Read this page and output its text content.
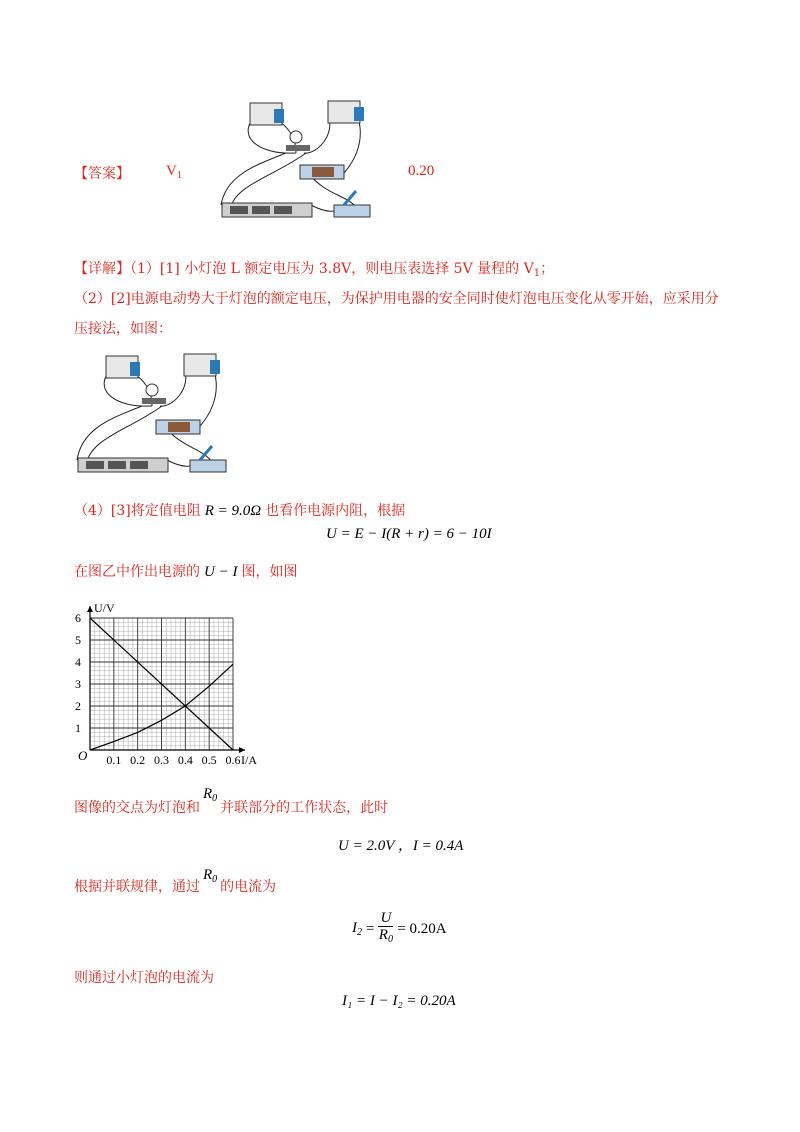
【答案】 $V_1$	0.20
【详解】（1）[1] 小灯泡 L 额定电压为 3.8V，则电压表选择 5V 量程的 $V_1$；
（2）[2]电源电动势大于灯泡的额定电压，为保护用电器的安全同时使灯泡电压变化从零开始，应采用分
压接法，如图：
（4）[3]将定值电阻 R = 9.0Ω 也看作电源内阻，根据
U = E − I(R + r) = 6 − 10I
在图乙中作出电源的 U − I 图，如图
0.1 0.2 0.3 0.4 0.5 0.6
1
2
3
4
5
6
O	I/A
U/V
图像的交点为灯泡和$R_0$并联部分的工作状态，此时
U = 2.0V ，I = 0.4A
根据并联规律，通过$R_0$ 的电流为
$I_2 = \frac{U}{R_0} = 0.20A$
则通过小灯泡的电流为
I₁ = I − I₂ = 0.20A
